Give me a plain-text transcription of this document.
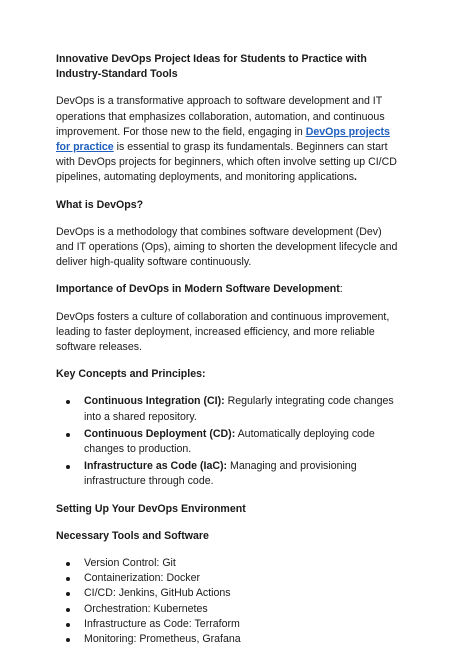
Innovative DevOps Project Ideas for Students to Practice with Industry-Standard Tools

DevOps is a transformative approach to software development and IT operations that emphasizes collaboration, automation, and continuous improvement. For those new to the field, engaging in DevOps projects for practice is essential to grasp its fundamentals. Beginners can start with DevOps projects for beginners, which often involve setting up CI/CD pipelines, automating deployments, and monitoring applications.

What is DevOps?

DevOps is a methodology that combines software development (Dev) and IT operations (Ops), aiming to shorten the development lifecycle and deliver high-quality software continuously.

Importance of DevOps in Modern Software Development:

DevOps fosters a culture of collaboration and continuous improvement, leading to faster deployment, increased efficiency, and more reliable software releases.

Key Concepts and Principles:

Continuous Integration (CI): Regularly integrating code changes into a shared repository.
Continuous Deployment (CD): Automatically deploying code changes to production.
Infrastructure as Code (IaC): Managing and provisioning infrastructure through code.

Setting Up Your DevOps Environment

Necessary Tools and Software

Version Control: Git
Containerization: Docker
CI/CD: Jenkins, GitHub Actions
Orchestration: Kubernetes
Infrastructure as Code: Terraform
Monitoring: Prometheus, Grafana
